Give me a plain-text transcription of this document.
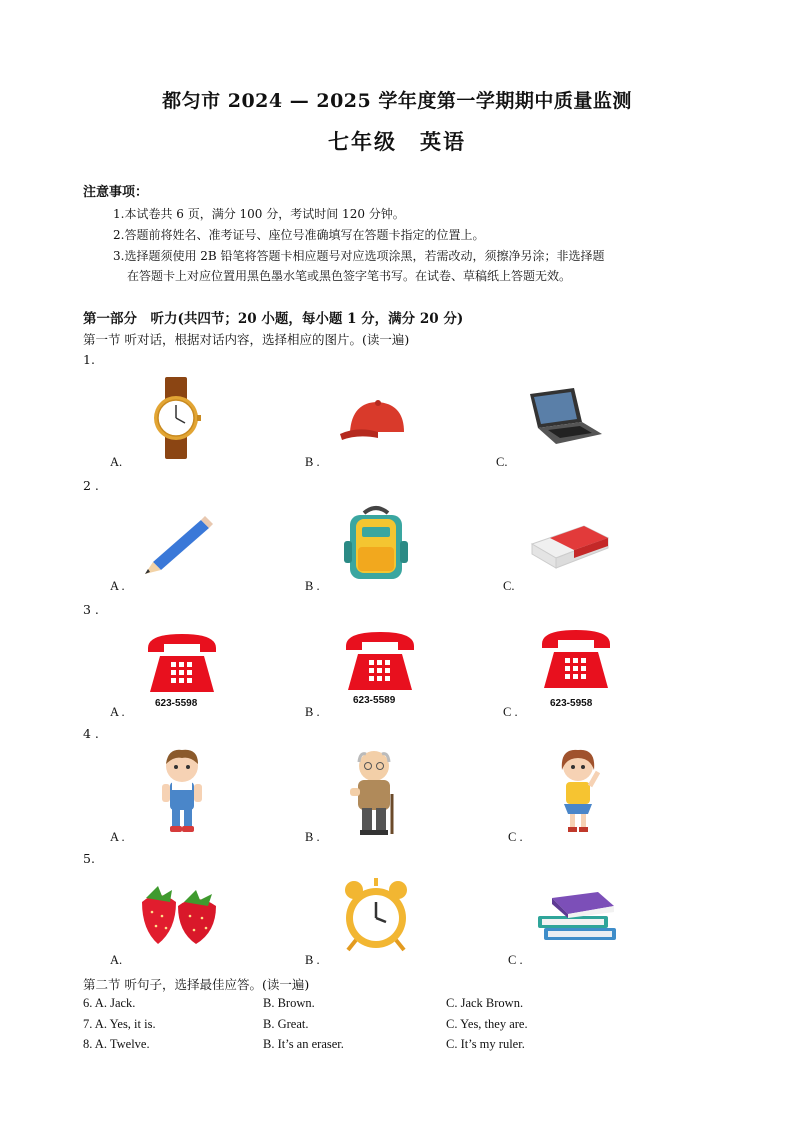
都匀市 2024 — 2025 学年度第一学期期中质量监测
七年级　英语
注意事项：
1.本试卷共 6 页，满分 100 分，考试时间 120 分钟。
2.答题前将姓名、准考证号、座位号准确填写在答题卡指定的位置上。
3.选择题须使用 2B 铅笔将答题卡相应题号对应选项涂黑，若需改动，须擦净另涂；非选择题
在答题卡上对应位置用黑色墨水笔或黑色签字笔书写。在试卷、草稿纸上答题无效。
第一部分　听力(共四节；20 小题，每小题 1 分，满分 20 分)
第一节 听对话，根据对话内容，选择相应的图片。(读一遍)
1.
A.	B .	C.
2 .
A .	B .	C.
3 .
623-5598	623-5589	623-5958
A .	B .	C .
4 .
A .	B .	C .
5.
A.	B .	C .
第二节 听句子，选择最佳应答。(读一遍)
6. A. Jack.	B. Brown.	C. Jack Brown.
7. A. Yes, it is.	B. Great.	C. Yes, they are.
8. A. Twelve.	B. It’s an eraser.	C. It’s my ruler.
